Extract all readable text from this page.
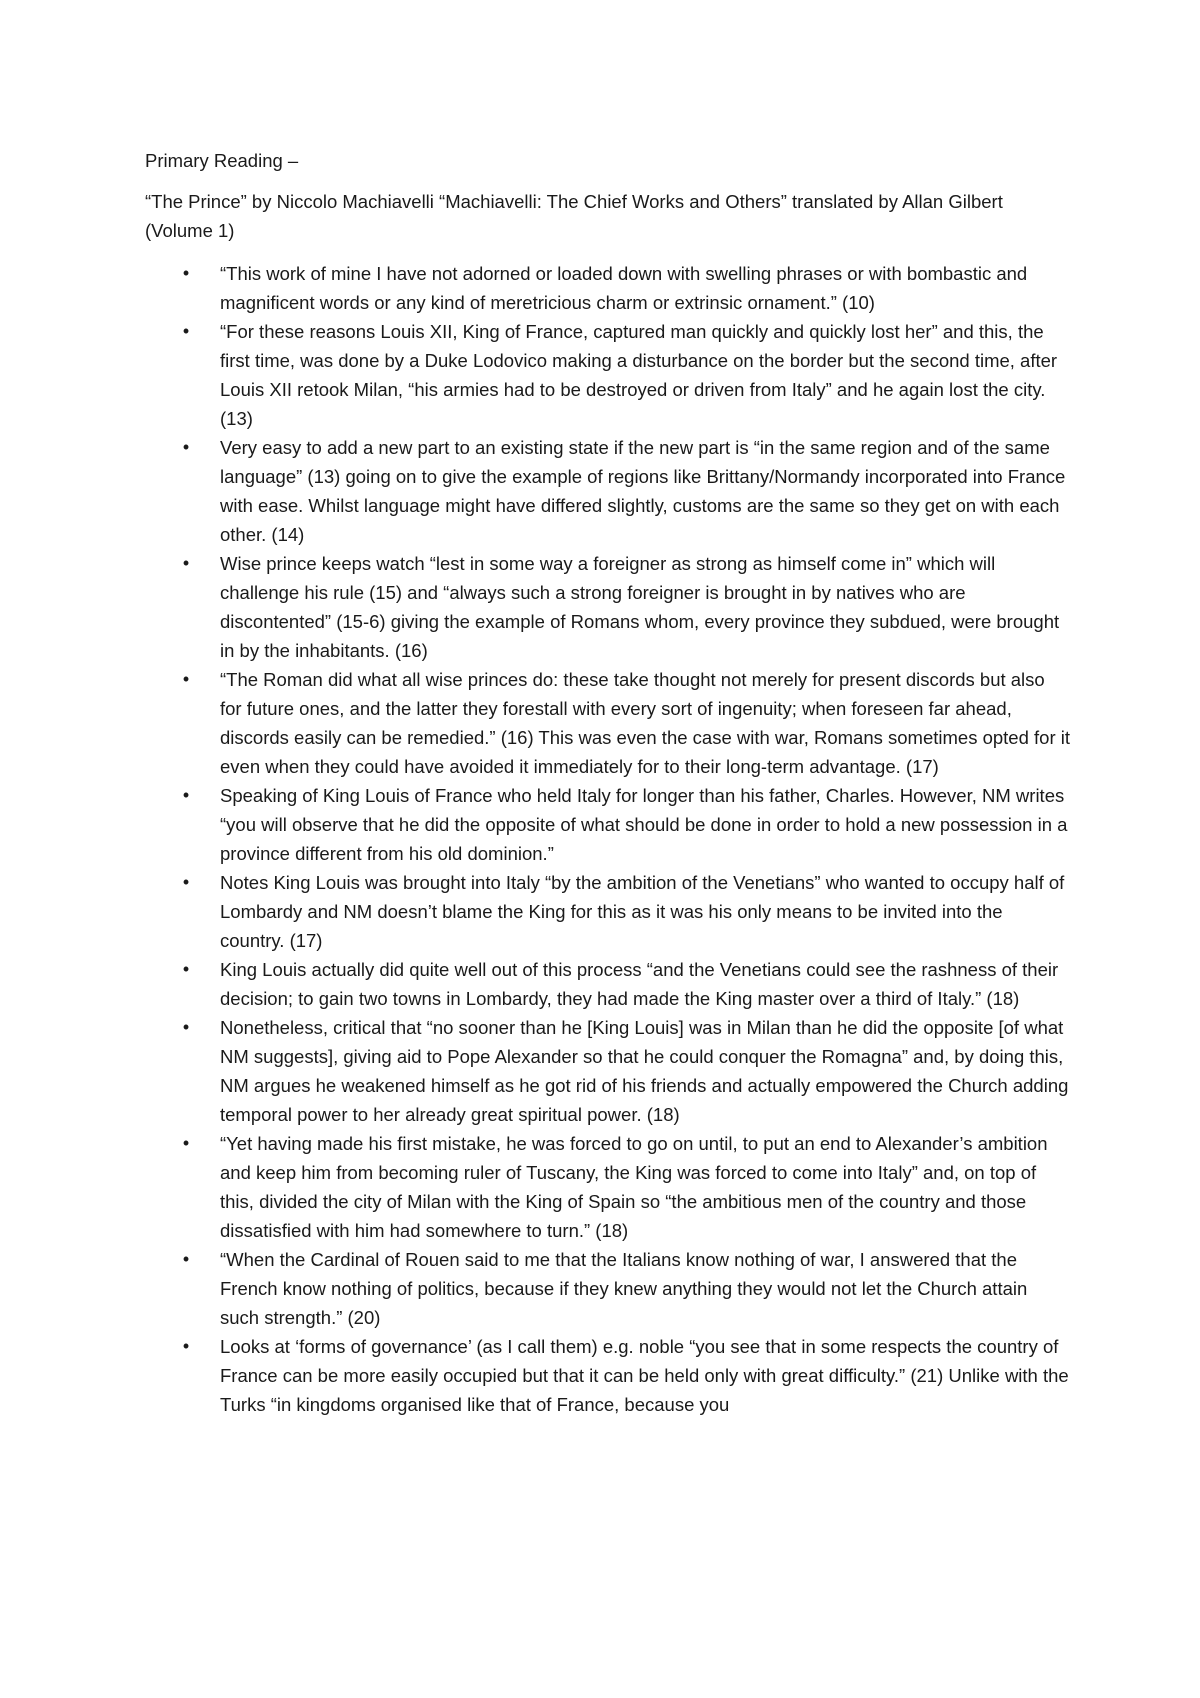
Primary Reading –
“The Prince” by Niccolo Machiavelli “Machiavelli: The Chief Works and Others” translated by Allan Gilbert (Volume 1)
• “This work of mine I have not adorned or loaded down with swelling phrases or with bombastic and magnificent words or any kind of meretricious charm or extrinsic ornament.” (10)
• “For these reasons Louis XII, King of France, captured man quickly and quickly lost her” and this, the first time, was done by a Duke Lodovico making a disturbance on the border but the second time, after Louis XII retook Milan, “his armies had to be destroyed or driven from Italy” and he again lost the city. (13)
• Very easy to add a new part to an existing state if the new part is “in the same region and of the same language” (13) going on to give the example of regions like Brittany/Normandy incorporated into France with ease. Whilst language might have differed slightly, customs are the same so they get on with each other. (14)
• Wise prince keeps watch “lest in some way a foreigner as strong as himself come in” which will challenge his rule (15) and “always such a strong foreigner is brought in by natives who are discontented” (15-6) giving the example of Romans whom, every province they subdued, were brought in by the inhabitants. (16)
• “The Roman did what all wise princes do: these take thought not merely for present discords but also for future ones, and the latter they forestall with every sort of ingenuity; when foreseen far ahead, discords easily can be remedied.” (16) This was even the case with war, Romans sometimes opted for it even when they could have avoided it immediately for to their long-term advantage. (17)
• Speaking of King Louis of France who held Italy for longer than his father, Charles. However, NM writes “you will observe that he did the opposite of what should be done in order to hold a new possession in a province different from his old dominion.”
• Notes King Louis was brought into Italy “by the ambition of the Venetians” who wanted to occupy half of Lombardy and NM doesn’t blame the King for this as it was his only means to be invited into the country. (17)
• King Louis actually did quite well out of this process “and the Venetians could see the rashness of their decision; to gain two towns in Lombardy, they had made the King master over a third of Italy.” (18)
• Nonetheless, critical that “no sooner than he [King Louis] was in Milan than he did the opposite [of what NM suggests], giving aid to Pope Alexander so that he could conquer the Romagna” and, by doing this, NM argues he weakened himself as he got rid of his friends and actually empowered the Church adding temporal power to her already great spiritual power. (18)
• “Yet having made his first mistake, he was forced to go on until, to put an end to Alexander’s ambition and keep him from becoming ruler of Tuscany, the King was forced to come into Italy” and, on top of this, divided the city of Milan with the King of Spain so “the ambitious men of the country and those dissatisfied with him had somewhere to turn.” (18)
• “When the Cardinal of Rouen said to me that the Italians know nothing of war, I answered that the French know nothing of politics, because if they knew anything they would not let the Church attain such strength.” (20)
• Looks at ‘forms of governance’ (as I call them) e.g. noble “you see that in some respects the country of France can be more easily occupied but that it can be held only with great difficulty.” (21) Unlike with the Turks “in kingdoms organised like that of France, because you
